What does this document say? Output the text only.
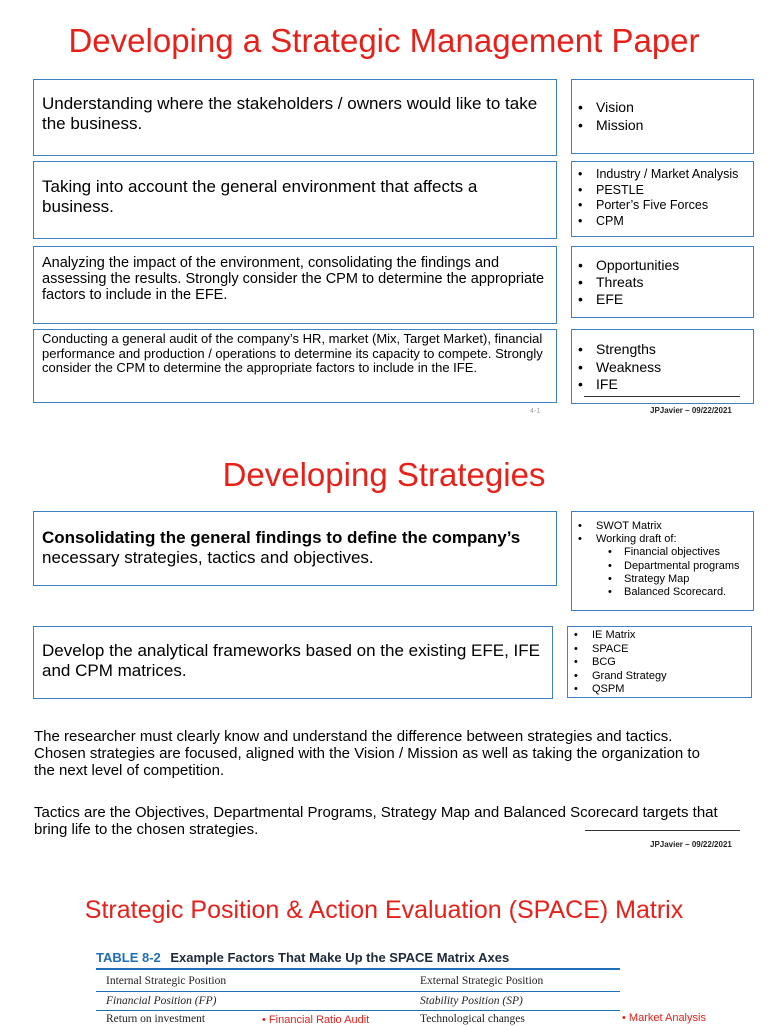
Developing a Strategic Management Paper
Understanding where the stakeholders / owners would like to take the business.
• Vision
• Mission
Taking into account the general environment that affects a business.
• Industry / Market Analysis
• PESTLE
• Porter’s Five Forces
• CPM
Analyzing the impact of the environment, consolidating the findings and assessing the results. Strongly consider the CPM to determine the appropriate factors to include in the EFE.
• Opportunities
• Threats
• EFE
Conducting a general audit of the company’s HR, market (Mix, Target Market), financial performance and production / operations to determine its capacity to compete. Strongly consider the CPM to determine the appropriate factors to include in the IFE.
• Strengths
• Weakness
• IFE
4-1	JPJavier – 09/22/2021
Developing Strategies
Consolidating the general findings to define the company’s
necessary strategies, tactics and objectives.
• SWOT Matrix
• Working draft of:
• Financial objectives
• Departmental programs
• Strategy Map
• Balanced Scorecard.
Develop the analytical frameworks based on the existing EFE, IFE and CPM matrices.
• IE Matrix
• SPACE
• BCG
• Grand Strategy
• QSPM
The researcher must clearly know and understand the difference between strategies and tactics. Chosen strategies are focused, aligned with the Vision / Mission as well as taking the organization to the next level of competition.
Tactics are the Objectives, Departmental Programs, Strategy Map and Balanced Scorecard targets that bring life to the chosen strategies.
JPJavier – 09/22/2021
Strategic Position & Action Evaluation (SPACE) Matrix
TABLE 8-2 Example Factors That Make Up the SPACE Matrix Axes
Internal Strategic Position	External Strategic Position
Financial Position (FP)	Stability Position (SP)
Return on investment	Technological changes
• Financial Ratio Audit	• Market Analysis
